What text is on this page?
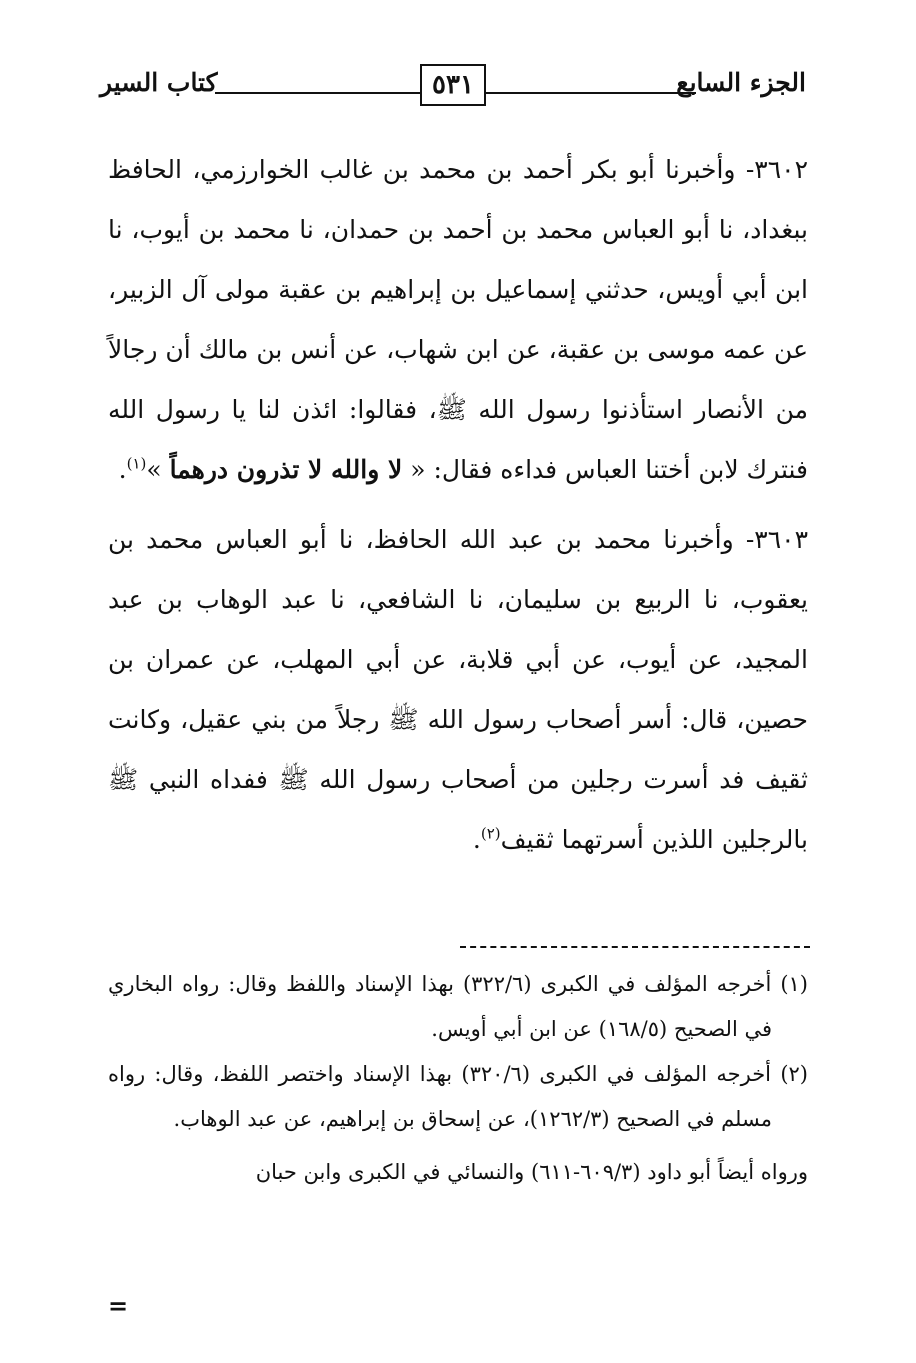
الجزء السابع
٥٣١
كتاب السير

٣٦٠٢- وأخبرنا أبو بكر أحمد بن محمد بن غالب الخوارزمي، الحافظ ببغداد، نا أبو العباس محمد بن أحمد بن حمدان، نا محمد بن أيوب، نا ابن أبي أويس، حدثني إسماعيل بن إبراهيم بن عقبة مولى آل الزبير، عن عمه موسى بن عقبة، عن ابن شهاب، عن أنس بن مالك أن رجالاً من الأنصار استأذنوا رسول الله ﷺ، فقالوا: ائذن لنا يا رسول الله فنترك لابن أختنا العباس فداءه فقال: « لا والله لا تذرون درهماً »$^{(١)}$.

٣٦٠٣- وأخبرنا محمد بن عبد الله الحافظ، نا أبو العباس محمد بن يعقوب، نا الربيع بن سليمان، نا الشافعي، نا عبد الوهاب بن عبد المجيد، عن أيوب، عن أبي قلابة، عن أبي المهلب، عن عمران بن حصين، قال: أسر أصحاب رسول الله ﷺ رجلاً من بني عقيل، وكانت ثقيف فد أسرت رجلين من أصحاب رسول الله ﷺ ففداه النبي ﷺ بالرجلين اللذين أسرتهما ثقيف$^{(٢)}$.

(١) أخرجه المؤلف في الكبرى (٣٢٢/٦) بهذا الإسناد واللفظ وقال: رواه البخاري في الصحيح (١٦٨/٥) عن ابن أبي أويس.

(٢) أخرجه المؤلف في الكبرى (٣٢٠/٦) بهذا الإسناد واختصر اللفظ، وقال: رواه مسلم في الصحيح (١٢٦٢/٣)، عن إسحاق بن إبراهيم، عن عبد الوهاب.

ورواه أيضاً أبو داود (٦٠٩/٣-٦١١) والنسائي في الكبرى وابن حبان

=
